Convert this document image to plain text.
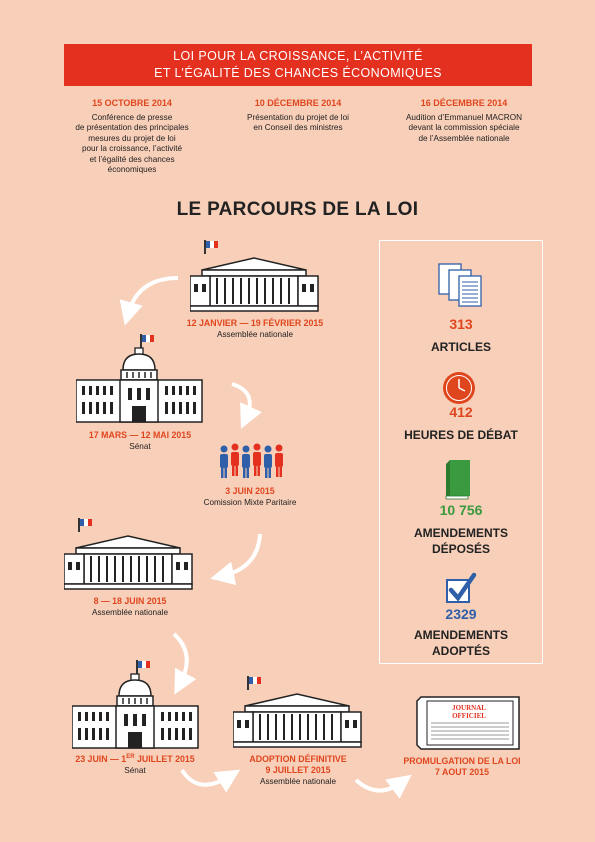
LOI POUR LA CROISSANCE, L’ACTIVITÉ
ET L’ÉGALITÉ DES CHANCES ÉCONOMIQUES
15 OCTOBRE 2014
Conférence de presse
de présentation des principales
mesures du projet de loi
pour la croissance, l’activité
et l’égalité des chances
économiques
10 DÉCEMBRE 2014
Présentation du projet de loi
en Conseil des ministres
16 DÉCEMBRE 2014
Audition d’Emmanuel MACRON
devant la commission spéciale
de l’Assemblée nationale
LE PARCOURS DE LA LOI
12 JANVIER — 19 FÉVRIER 2015
Assemblée nationale
17 MARS — 12 MAI 2015
Sénat
3 JUIN 2015
Comission Mixte Paritaire
8 — 18 JUIN 2015
Assemblée nationale
23 JUIN — 1ER JUILLET 2015
Sénat
ADOPTION DÉFINITIVE
9 JUILLET 2015
Assemblée nationale
JOURNAL
OFFICIEL
PROMULGATION DE LA LOI
7 AOUT 2015
313
ARTICLES
412
HEURES DE DÉBAT
10 756
AMENDEMENTS
DÉPOSÉS
2329
AMENDEMENTS
ADOPTÉS
